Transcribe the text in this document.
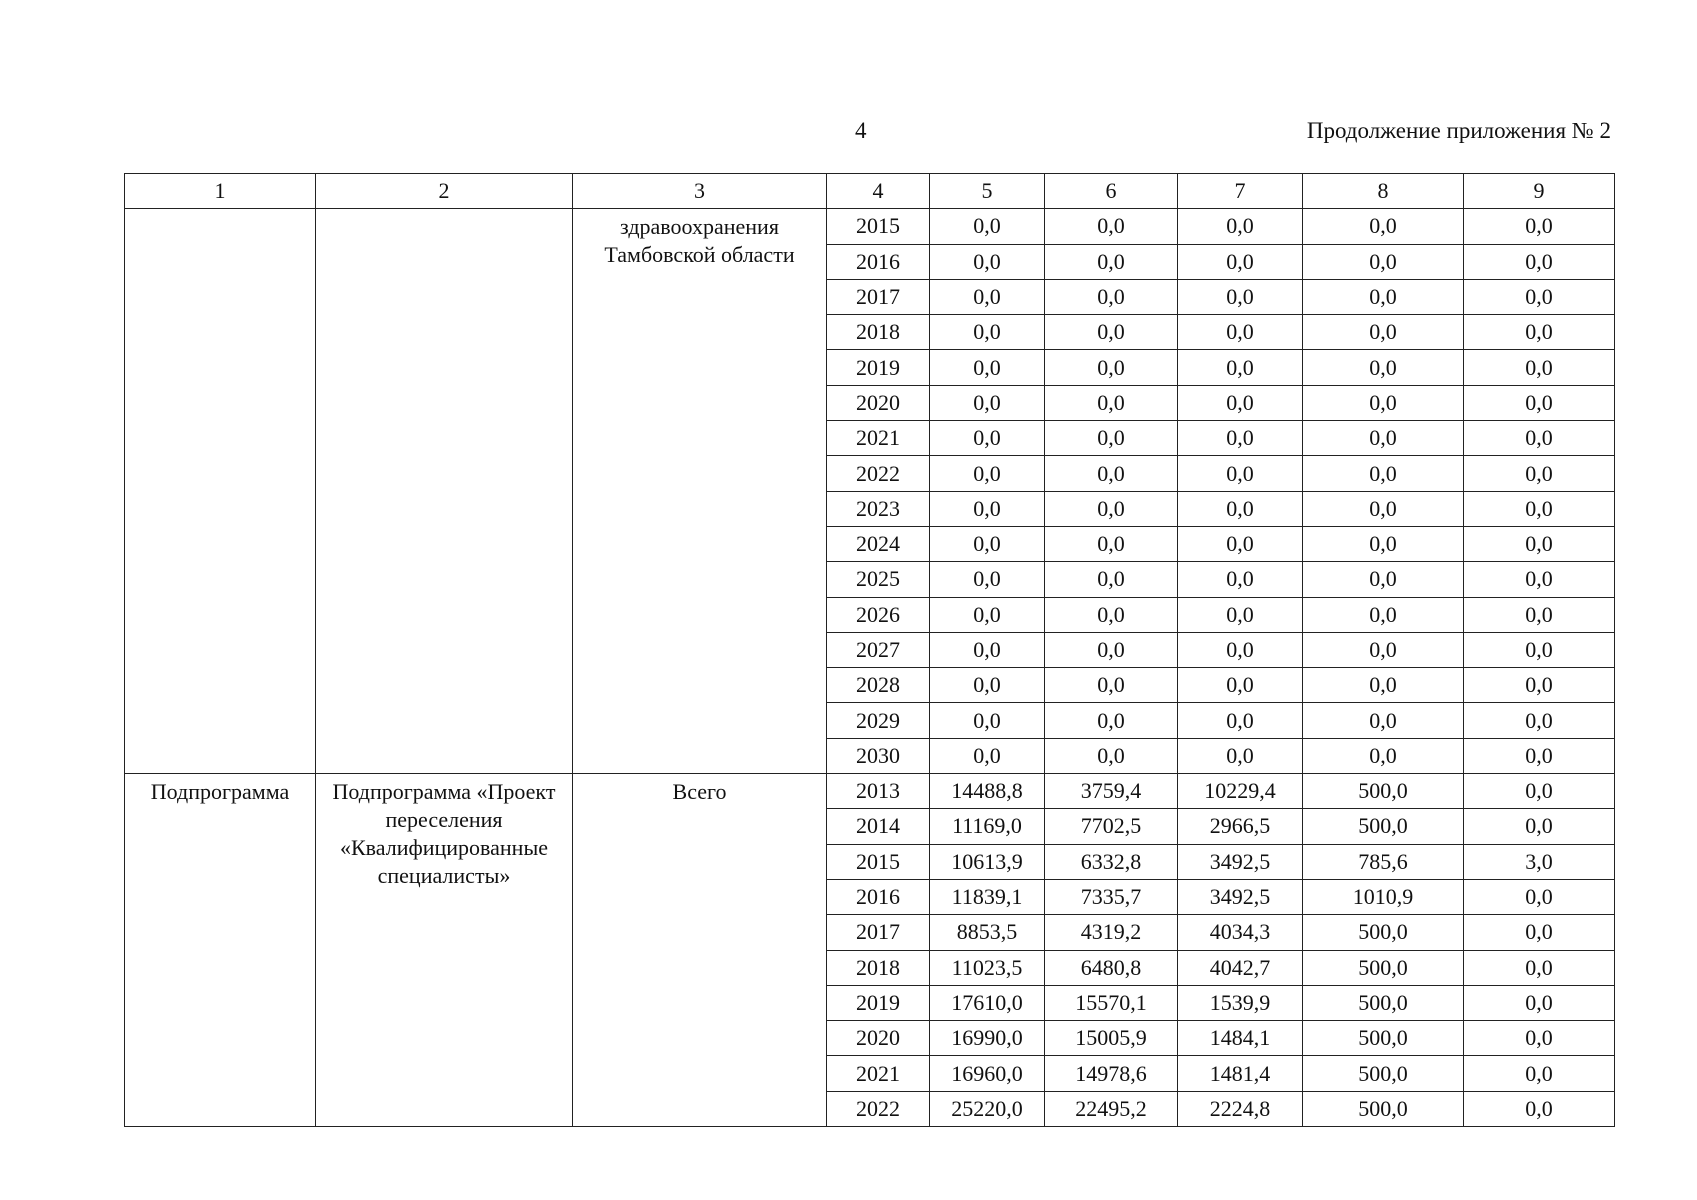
4	Продолжение приложения № 2
1	2	3	4	5	6	7	8	9
		здравоохранения Тамбовской области	2015	0,0	0,0	0,0	0,0	0,0
			2016	0,0	0,0	0,0	0,0	0,0
			2017	0,0	0,0	0,0	0,0	0,0
			2018	0,0	0,0	0,0	0,0	0,0
			2019	0,0	0,0	0,0	0,0	0,0
			2020	0,0	0,0	0,0	0,0	0,0
			2021	0,0	0,0	0,0	0,0	0,0
			2022	0,0	0,0	0,0	0,0	0,0
			2023	0,0	0,0	0,0	0,0	0,0
			2024	0,0	0,0	0,0	0,0	0,0
			2025	0,0	0,0	0,0	0,0	0,0
			2026	0,0	0,0	0,0	0,0	0,0
			2027	0,0	0,0	0,0	0,0	0,0
			2028	0,0	0,0	0,0	0,0	0,0
			2029	0,0	0,0	0,0	0,0	0,0
			2030	0,0	0,0	0,0	0,0	0,0
Подпрограмма	Подпрограмма «Проект переселения «Квалифицированные специалисты»	Всего	2013	14488,8	3759,4	10229,4	500,0	0,0
			2014	11169,0	7702,5	2966,5	500,0	0,0
			2015	10613,9	6332,8	3492,5	785,6	3,0
			2016	11839,1	7335,7	3492,5	1010,9	0,0
			2017	8853,5	4319,2	4034,3	500,0	0,0
			2018	11023,5	6480,8	4042,7	500,0	0,0
			2019	17610,0	15570,1	1539,9	500,0	0,0
			2020	16990,0	15005,9	1484,1	500,0	0,0
			2021	16960,0	14978,6	1481,4	500,0	0,0
			2022	25220,0	22495,2	2224,8	500,0	0,0
